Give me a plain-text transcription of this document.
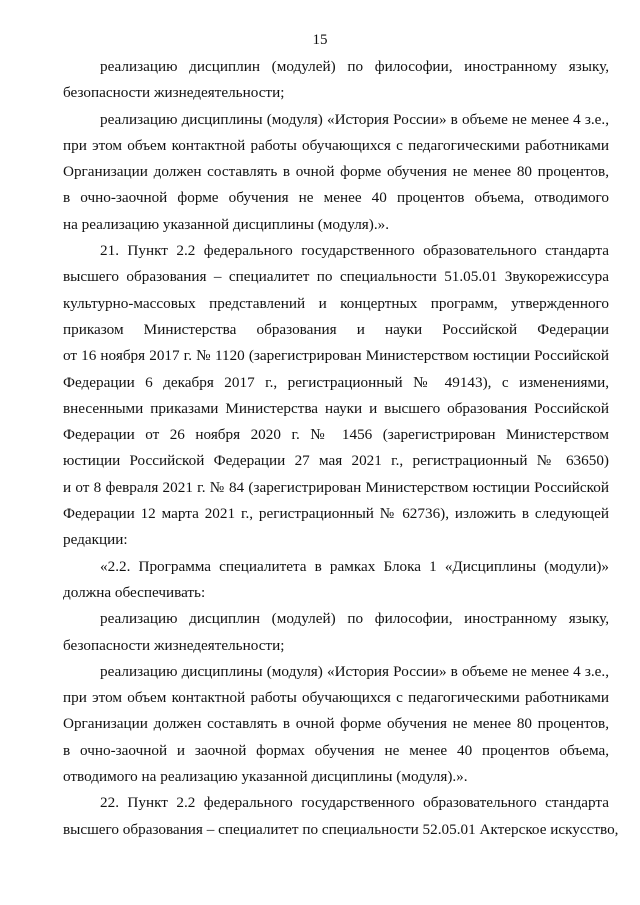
15
реализацию дисциплин (модулей) по философии, иностранному языку,
безопасности жизнедеятельности;
реализацию дисциплины (модуля) «История России» в объеме не менее 4 з.е.,
при этом объем контактной работы обучающихся с педагогическими работниками
Организации должен составлять в очной форме обучения не менее 80 процентов,
в очно-заочной форме обучения не менее 40 процентов объема, отводимого
на реализацию указанной дисциплины (модуля).».
21. Пункт 2.2 федерального государственного образовательного стандарта
высшего образования – специалитет по специальности 51.05.01 Звукорежиссура
культурно-массовых представлений и концертных программ, утвержденного
приказом Министерства образования и науки Российской Федерации
от 16 ноября 2017 г. № 1120 (зарегистрирован Министерством юстиции Российской
Федерации 6 декабря 2017 г., регистрационный № 49143), с изменениями,
внесенными приказами Министерства науки и высшего образования Российской
Федерации от 26 ноября 2020 г. № 1456 (зарегистрирован Министерством
юстиции Российской Федерации 27 мая 2021 г., регистрационный № 63650)
и от 8 февраля 2021 г. № 84 (зарегистрирован Министерством юстиции Российской
Федерации 12 марта 2021 г., регистрационный № 62736), изложить в следующей
редакции:
«2.2. Программа специалитета в рамках Блока 1 «Дисциплины (модули)»
должна обеспечивать:
реализацию дисциплин (модулей) по философии, иностранному языку,
безопасности жизнедеятельности;
реализацию дисциплины (модуля) «История России» в объеме не менее 4 з.е.,
при этом объем контактной работы обучающихся с педагогическими работниками
Организации должен составлять в очной форме обучения не менее 80 процентов,
в очно-заочной и заочной формах обучения не менее 40 процентов объема,
отводимого на реализацию указанной дисциплины (модуля).».
22. Пункт 2.2 федерального государственного образовательного стандарта
высшего образования – специалитет по специальности 52.05.01 Актерское искусство,
